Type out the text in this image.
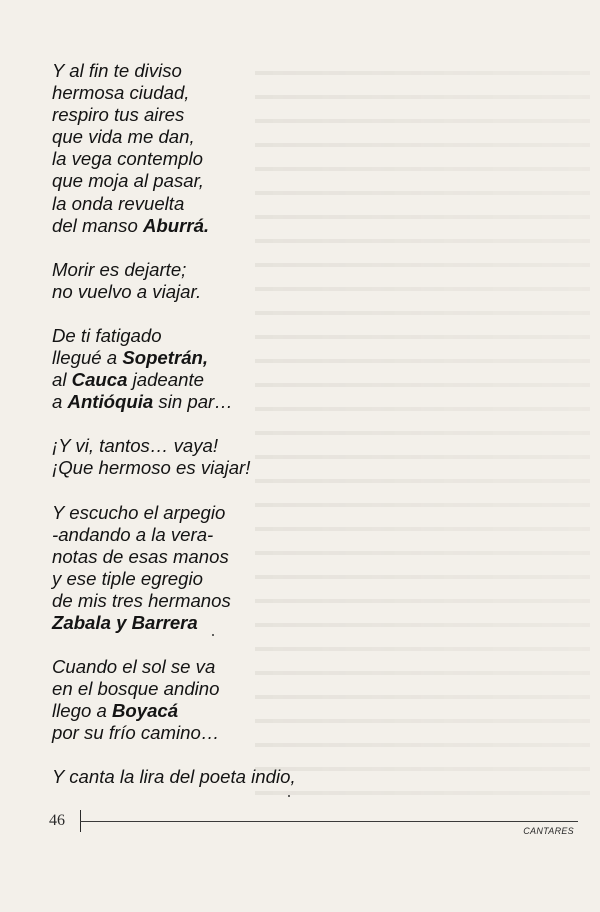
Y al fin te diviso
hermosa ciudad,
respiro tus aires
que vida me dan,
la vega contemplo
que moja al pasar,
la onda revuelta
del manso Aburrá.
Morir es dejarte;
no vuelvo a viajar.
De ti fatigado
llegué a Sopetrán,
al Cauca jadeante
a Antióquia sin par…
¡Y vi, tantos… vaya!
¡Que hermoso es viajar!
Y escucho el arpegio
-andando a la vera-
notas de esas manos
y ese tiple egregio
de mis tres hermanos
Zabala y Barrera
Cuando el sol se va
en el bosque andino
llego a Boyacá
por su frío camino…
Y canta la lira del poeta indio,
46
CANTARES
